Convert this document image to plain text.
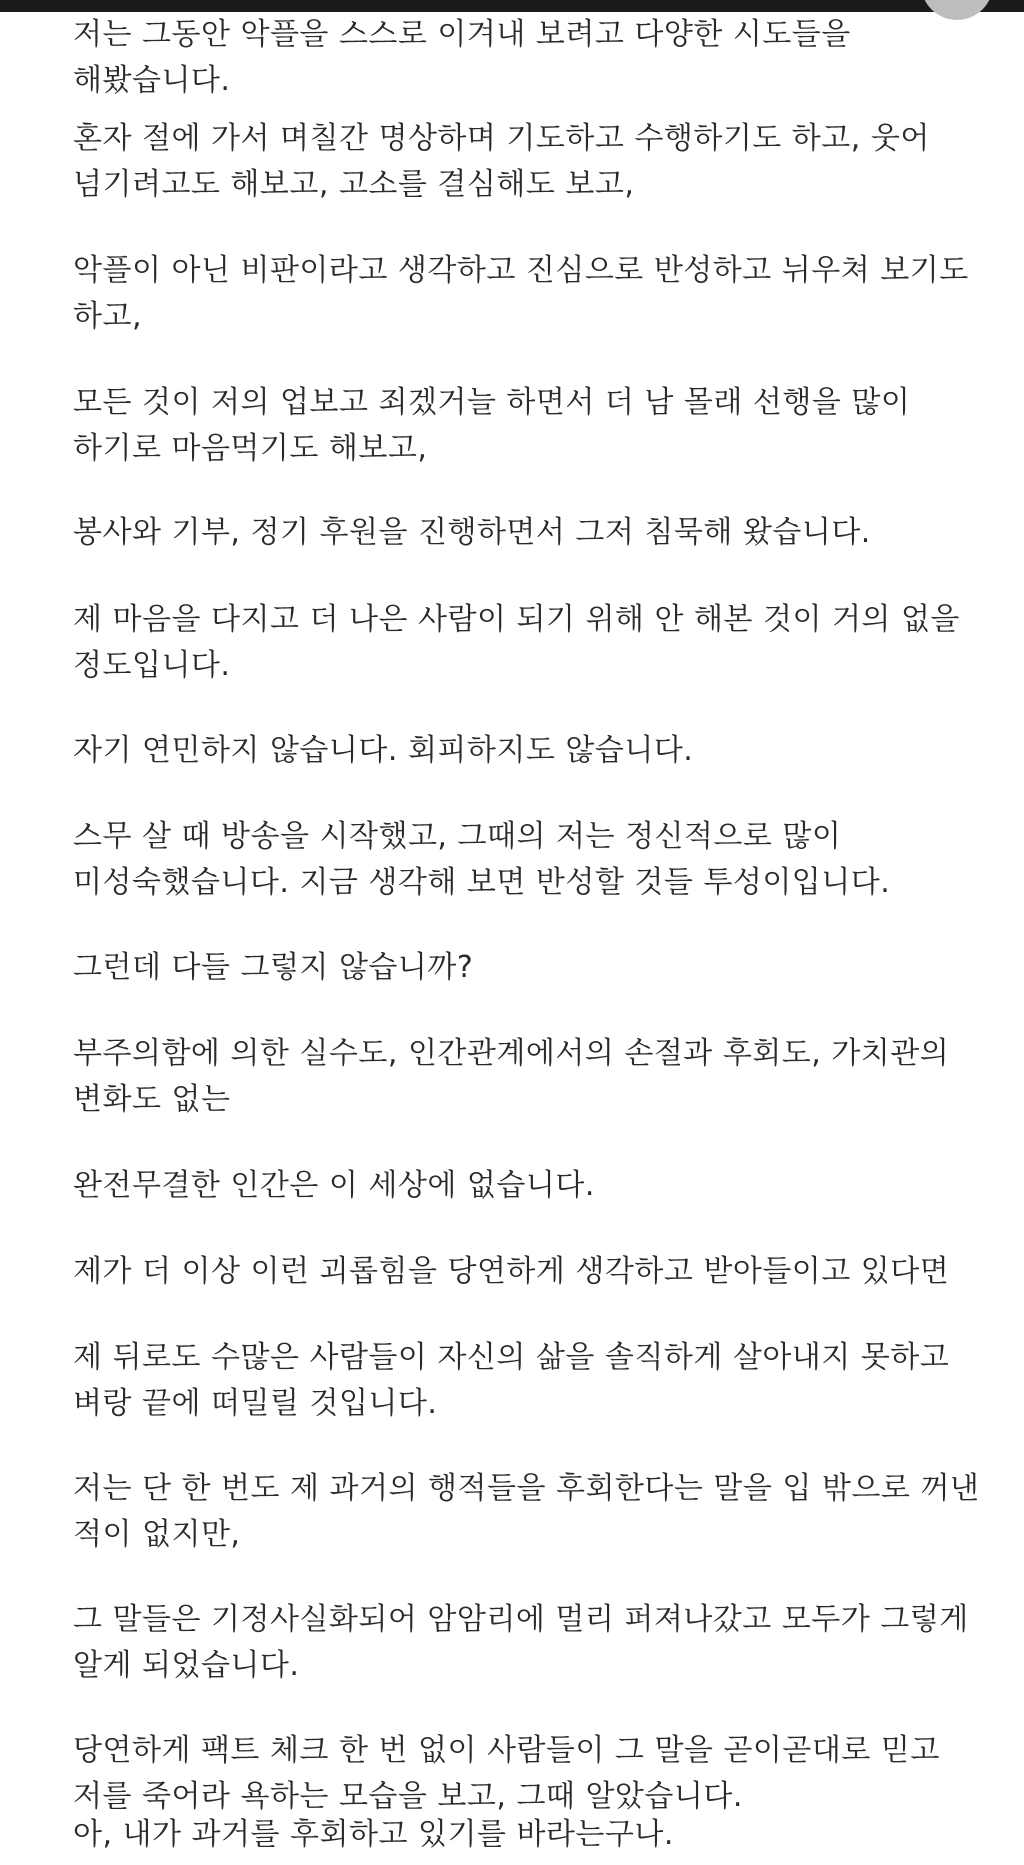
저는 그동안 악플을 스스로 이겨내 보려고 다양한 시도들을
해봤습니다.

혼자 절에 가서 며칠간 명상하며 기도하고 수행하기도 하고, 웃어
넘기려고도 해보고, 고소를 결심해도 보고,

악플이 아닌 비판이라고 생각하고 진심으로 반성하고 뉘우쳐 보기도
하고,

모든 것이 저의 업보고 죄겠거늘 하면서 더 남 몰래 선행을 많이
하기로 마음먹기도 해보고,

봉사와 기부, 정기 후원을 진행하면서 그저 침묵해 왔습니다.

제 마음을 다지고 더 나은 사람이 되기 위해 안 해본 것이 거의 없을
정도입니다.

자기 연민하지 않습니다. 회피하지도 않습니다.

스무 살 때 방송을 시작했고, 그때의 저는 정신적으로 많이
미성숙했습니다. 지금 생각해 보면 반성할 것들 투성이입니다.

그런데 다들 그렇지 않습니까?

부주의함에 의한 실수도, 인간관계에서의 손절과 후회도, 가치관의
변화도 없는

완전무결한 인간은 이 세상에 없습니다.

제가 더 이상 이런 괴롭힘을 당연하게 생각하고 받아들이고 있다면

제 뒤로도 수많은 사람들이 자신의 삶을 솔직하게 살아내지 못하고
벼랑 끝에 떠밀릴 것입니다.

저는 단 한 번도 제 과거의 행적들을 후회한다는 말을 입 밖으로 꺼낸
적이 없지만,

그 말들은 기정사실화되어 암암리에 멀리 퍼져나갔고 모두가 그렇게
알게 되었습니다.

당연하게 팩트 체크 한 번 없이 사람들이 그 말을 곧이곧대로 믿고
저를 죽어라 욕하는 모습을 보고, 그때 알았습니다.

아, 내가 과거를 후회하고 있기를 바라는구나.
